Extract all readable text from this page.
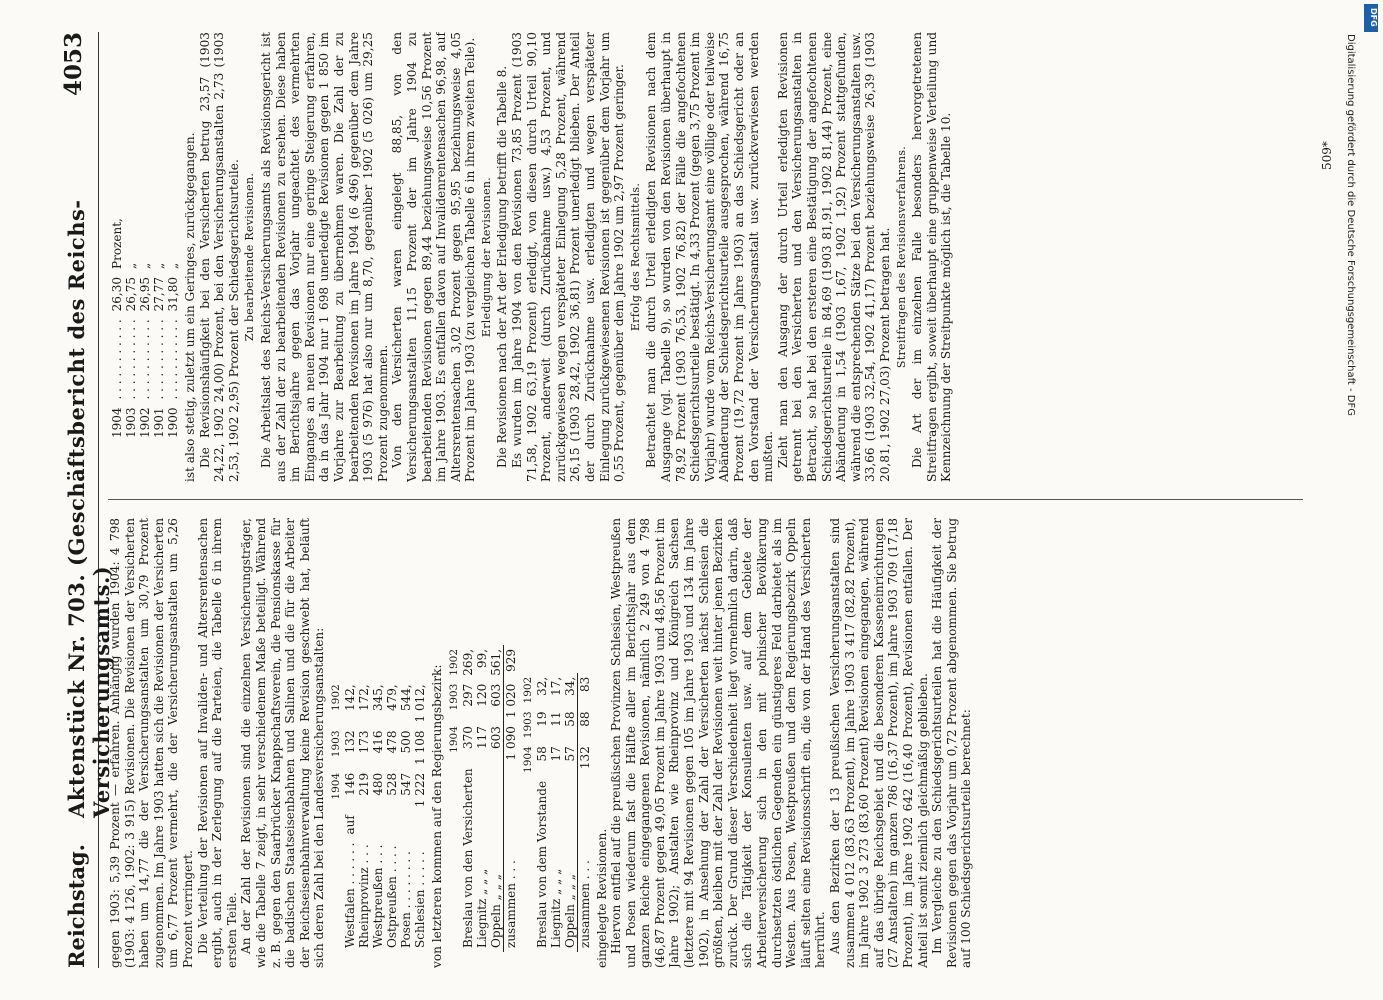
Reichstag.
Aktenstück Nr. 703. (Geschäftsbericht des Reichs-Versicherungsamts.)
4053

gegen 1903: 5,39 Prozent — erfahren. Anhängig wurden 1904: 4 798 (1903: 4 126, 1902: 3 915) Revisionen. Die Revisionen der Versicherten haben um 14,77 die der Versicherungsanstalten um 30,79 Prozent zugenommen. Im Jahre 1903 hatten sich die Revisionen der Versicherten um 6,77 Prozent vermehrt, die der Versicherungsanstalten um 5,26 Prozent verringert. Die Verteilung der Revisionen auf Invaliden- und Altersrentensachen ergibt, auch in der Zerlegung auf die Parteien, die Tabelle 6 in ihrem ersten Teile. An der Zahl der Revisionen sind die einzelnen Versicherungsträger, wie die Tabelle 7 zeigt, in sehr verschiedenem Maße beteiligt. Während z. B. gegen den Saarbrücker Knappschaftsverein, die Pensionskasse für die badischen Staatseisenbahnen und Salinen und die für die Arbeiter der Reichseisenbahnverwaltung keine Revision geschwebt hat, beläuft sich deren Zahl bei den Landesversicherungsanstalten:

		1904	1903	1902
Westfalen . . . . . .	auf	146	132	142,
Rheinprovinz . . .		219	173	172,
Westpreußen . . .		480	416	345,
Ostpreußen . . . .		528	478	479,
Posen . . . . . . . .		547	500	544,
Schlesien . . . . .		1 222	1 108	1 012, von letzteren kommen auf den Regierungsbezirk:

	1904	1903	1902
Breslau von den Versicherten	370	297	269,
Liegnitz „ „ „	117	120	99,
Oppeln „ „ „	603	603	561,
zusammen . . .	1 090	1 020	929
	1904	1903	1902
Breslau von dem Vorstande	58	19	32,
Liegnitz „ „ „	17	11	17,
Oppeln „ „ „	57	58	34,
zusammen . . .	132	88	83

eingelegte Revisionen. Hiervon entfiel auf die preußischen Provinzen Schlesien, Westpreußen und Posen wiederum fast die Hälfte aller im Berichtsjahr aus dem ganzen Reiche eingegangenen Revisionen, nämlich 2 249 von 4 798 (46,87 Prozent gegen 49,05 Prozent im Jahre 1903 und 48,56 Prozent im Jahre 1902); Anstalten wie Rheinprovinz und Königreich Sachsen (letztere mit 94 Revisionen gegen 105 im Jahre 1903 und 134 im Jahre 1902), in Ansehung der Zahl der Versicherten nächst Schlesien die größten, bleiben mit der Zahl der Revisionen weit hinter jenen Bezirken zurück. Der Grund dieser Verschiedenheit liegt vornehmlich darin, daß sich die Tätigkeit der Konsulenten usw. auf dem Gebiete der Arbeiterversicherung sich in den mit polnischer Bevölkerung durchsetzten östlichen Gegenden ein günstigeres Feld darbietet als im Westen. Aus Posen, Westpreußen und dem Regierungsbezirk Oppeln läuft selten eine Revisionsschrift ein, die von der Hand des Versicherten herrührt. Aus den Bezirken der 13 preußischen Versicherungsanstalten sind zusammen 4 012 (83,63 Prozent), im Jahre 1903 3 417 (82,82 Prozent), im Jahre 1902 3 273 (83,60 Prozent) Revisionen eingegangen, während auf das übrige Reichsgebiet und die besonderen Kasseneinrichtungen (27 Anstalten) im ganzen 786 (16,37 Prozent), im Jahre 1903 709 (17,18 Prozent), im Jahre 1902 642 (16,40 Prozent), Revisionen entfallen. Der Anteil ist somit ziemlich gleichmäßig geblieben. Im Vergleiche zu den Schiedsgerichtsurteilen hat die Häufigkeit der Revisionen gegen das Vorjahr um 0,72 Prozent abgenommen. Sie betrug auf 100 Schiedsgerichtsurteile berechnet:

1904	. . . . . . . . . . .	26,30	Prozent,
1903	. . . . . . . . . . .	26,75	„
1902	. . . . . . . . . . .	26,95	„
1901	. . . . . . . . . . .	27,77	„
1900	. . . . . . . . . . .	31,80	„ ist also stetig, zuletzt um ein Geringes, zurückgegangen. Die Revisionshäufigkeit bei den Versicherten betrug 23,57 (1903 24,22, 1902 24,00) Prozent, bei den Versicherungsanstalten 2,73 (1903 2,53, 1902 2,95) Prozent der Schiedsgerichtsurteile. Zu bearbeitende Revisionen. Die Arbeitslast des Reichs-Versicherungsamts als Revisionsgericht ist aus der Zahl der zu bearbeitenden Revisionen zu ersehen. Diese haben im Berichtsjahre gegen das Vorjahr ungeachtet des vermehrten Einganges an neuen Revisionen nur eine geringe Steigerung erfahren, da in das Jahr 1904 nur 1 698 unerledigte Revisionen gegen 1 850 im Vorjahre zur Bearbeitung zu übernehmen waren. Die Zahl der zu bearbeitenden Revisionen im Jahre 1904 (6 496) gegenüber dem Jahre 1903 (5 976) hat also nur um 8,70, gegenüber 1902 (5 026) um 29,25 Prozent zugenommen. Von den Versicherten waren eingelegt 88,85, von den Versicherungsanstalten 11,15 Prozent der im Jahre 1904 zu bearbeitenden Revisionen gegen 89,44 beziehungsweise 10,56 Prozent im Jahre 1903. Es entfallen davon auf Invalidenrentensachen 96,98, auf Altersrentensachen 3,02 Prozent gegen 95,95 beziehungsweise 4,05 Prozent im Jahre 1903 (zu vergleichen Tabelle 6 in ihrem zweiten Teile). Erledigung der Revisionen. Die Revisionen nach der Art der Erledigung betrifft die Tabelle 8. Es wurden im Jahre 1904 von den Revisionen 73,85 Prozent (1903 71,58, 1902 63,19 Prozent) erledigt, von diesen durch Urteil 90,10 Prozent, anderweit (durch Zurücknahme usw.) 4,53 Prozent, und zurückgewiesen wegen verspäteter Einlegung 5,28 Prozent, während 26,15 (1903 28,42, 1902 36,81) Prozent unerledigt blieben. Der Anteil der durch Zurücknahme usw. erledigten und wegen verspäteter Einlegung zurückgewiesenen Revisionen ist gegenüber dem Vorjahr um 0,55 Prozent, gegenüber dem Jahre 1902 um 2,97 Prozent geringer. Erfolg des Rechtsmittels. Betrachtet man die durch Urteil erledigten Revisionen nach dem Ausgange (vgl. Tabelle 9), so wurden von den Revisionen überhaupt in 78,92 Prozent (1903 76,53, 1902 76,82) der Fälle die angefochtenen Schiedsgerichtsurteile bestätigt. In 4,33 Prozent (gegen 3,75 Prozent im Vorjahr) wurde vom Reichs-Versicherungsamt eine völlige oder teilweise Abänderung der Schiedsgerichtsurteile ausgesprochen, während 16,75 Prozent (19,72 Prozent im Jahre 1903) an das Schiedsgericht oder an den Vorstand der Versicherungsanstalt usw. zurückverwiesen werden mußten. Zieht man den Ausgang der durch Urteil erledigten Revisionen getrennt bei den Versicherten und den Versicherungsanstalten in Betracht, so hat bei den ersteren eine Bestätigung der angefochtenen Schiedsgerichtsurteile in 84,69 (1903 81,91, 1902 81,44) Prozent, eine Abänderung in 1,54 (1903 1,67, 1902 1,92) Prozent stattgefunden, während die entsprechenden Sätze bei den Versicherungsanstalten usw. 33,66 (1903 32,54, 1902 41,17) Prozent beziehungsweise 26,39 (1903 20,81, 1902 27,03) Prozent betragen hat. Streitfragen des Revisionsverfahrens. Die Art der im einzelnen Falle besonders hervorgetretenen Streitfragen ergibt, soweit überhaupt eine gruppenweise Verteilung und Kennzeichnung der Streitpunkte möglich ist, die Tabelle 10.	509*
DFG
Digitalisierung gefördert durch die Deutsche Forschungsgemeinschaft - DFG
